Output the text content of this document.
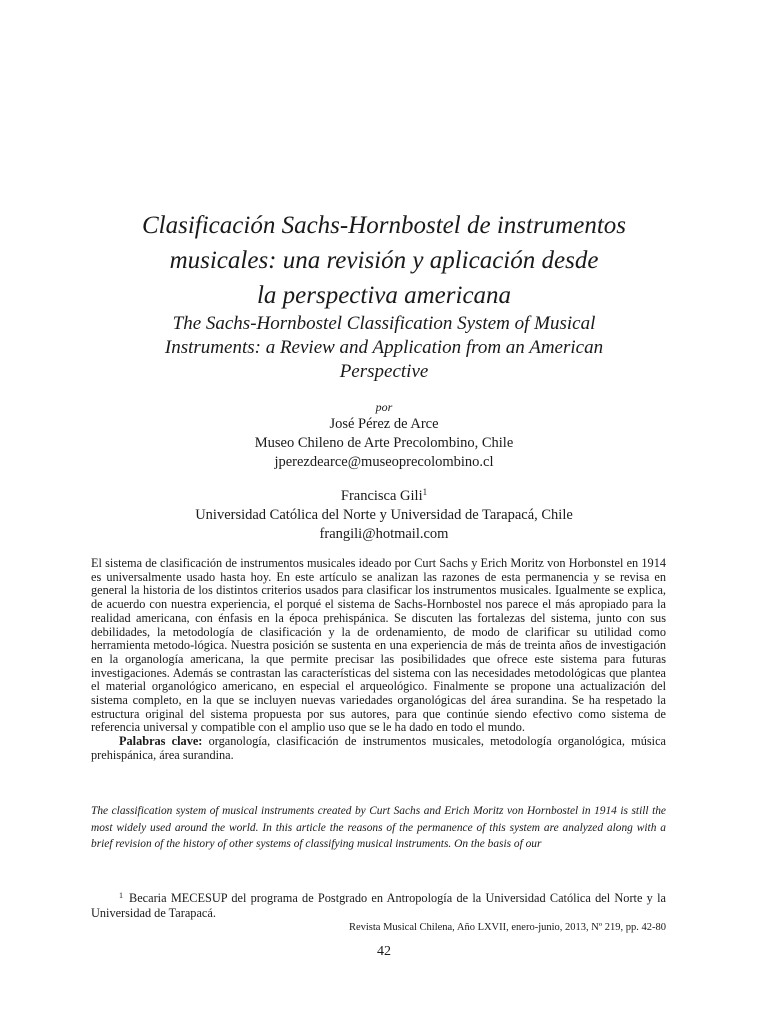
Clasificación Sachs-Hornbostel de instrumentos
musicales: una revisión y aplicación desde
la perspectiva americana
The Sachs-Hornbostel Classification System of Musical
Instruments: a Review and Application from an American
Perspective
por
José Pérez de Arce
Museo Chileno de Arte Precolombino, Chile
jperezdearce@museoprecolombino.cl
Francisca Gili$^1$
Universidad Católica del Norte y Universidad de Tarapacá, Chile
frangili@hotmail.com

El sistema de clasificación de instrumentos musicales ideado por Curt Sachs y Erich Moritz von Horbonstel en 1914 es universalmente usado hasta hoy. En este artículo se analizan las razones de esta permanencia y se revisa en general la historia de los distintos criterios usados para clasificar los instrumentos musicales. Igualmente se explica, de acuerdo con nuestra experiencia, el porqué el sistema de Sachs-Hornbostel nos parece el más apropiado para la realidad americana, con énfasis en la época prehispánica. Se discuten las fortalezas del sistema, junto con sus debilidades, la metodología de clasificación y la de ordenamiento, de modo de clarificar su utilidad como herramienta metodo-lógica. Nuestra posición se sustenta en una experiencia de más de treinta años de investigación en la organología americana, la que permite precisar las posibilidades que ofrece este sistema para futuras investigaciones. Además se contrastan las características del sistema con las necesidades metodológicas que plantea el material organológico americano, en especial el arqueológico. Finalmente se propone una actualización del sistema completo, en la que se incluyen nuevas variedades organológicas del área surandina. Se ha respetado la estructura original del sistema propuesta por sus autores, para que continúe siendo efectivo como sistema de referencia universal y compatible con el amplio uso que se le ha dado en todo el mundo.

Palabras clave: organología, clasificación de instrumentos musicales, metodología organológica, música prehispánica, área surandina.

The classification system of musical instruments created by Curt Sachs and Erich Moritz von Hornbostel in 1914 is still the most widely used around the world. In this article the reasons of the permanence of this system are analyzed along with a brief revision of the history of other systems of classifying musical instruments. On the basis of our
$^1$ Becaria MECESUP del programa de Postgrado en Antropología de la Universidad Católica del Norte y la Universidad de Tarapacá.
Revista Musical Chilena, Año LXVII, enero-junio, 2013, Nº 219, pp. 42-80
42
